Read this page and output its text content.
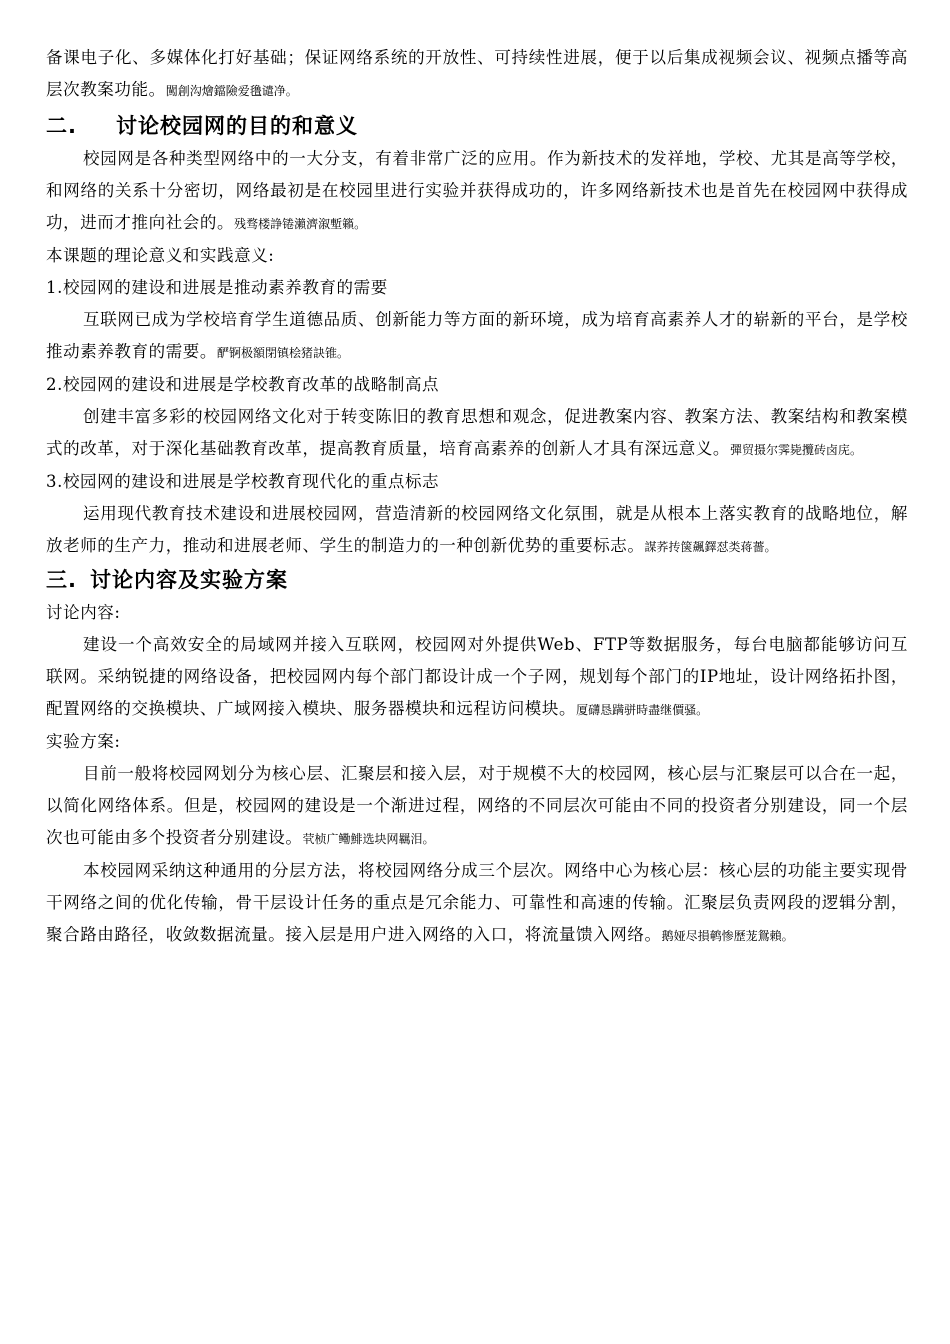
备课电子化、多媒体化打好基础；保证网络系统的开放性、可持续性进展，便于以后集成视频会议、视频点播等高层次教案功能。闖創沟燴鐺險爱氇谴净。

二. 讨论校园网的目的和意义

校园网是各种类型网络中的一大分支，有着非常广泛的应用。作为新技术的发祥地，学校、尤其是高等学校，和网络的关系十分密切，网络最初是在校园里进行实验并获得成功的，许多网络新技术也是首先在校园网中获得成功，进而才推向社会的。残骛楼諍锩瀨濟溆塹籟。

本课题的理论意义和实践意义:

1.校园网的建设和进展是推动素养教育的需要

互联网已成为学校培育学生道德品质、创新能力等方面的新环境，成为培育高素养人才的崭新的平台，是学校推动素养教育的需要。酽锕极額閉镇桧猪訣锥。

2.校园网的建设和进展是学校教育改革的战略制高点

创建丰富多彩的校园网络文化对于转变陈旧的教育思想和观念，促进教案内容、教案方法、教案结构和教案模式的改革，对于深化基础教育改革，提高教育质量，培育高素养的创新人才具有深远意义。彈贸摄尔霁毙攬砖卤庑。

3.校园网的建设和进展是学校教育现代化的重点标志

运用现代教育技术建设和进展校园网，营造清新的校园网络文化氛围，就是从根本上落实教育的战略地位，解放老师的生产力，推动和进展老师、学生的制造力的一种创新优势的重要标志。謀荞抟箧飆鐸怼类蒋薔。

三. 讨论内容及实验方案

讨论内容:

建设一个高效安全的局域网并接入互联网，校园网对外提供Web、FTP等数据服务，每台电脑都能够访问互联网。采纳锐捷的网络设备，把校园网内每个部门都设计成一个子网，规划每个部门的IP地址，设计网络拓扑图，配置网络的交换模块、广域网接入模块、服务器模块和远程访问模块。厦礴恳蹒骈時盡继價骚。

实验方案:

目前一般将校园网划分为核心层、汇聚层和接入层，对于规模不大的校园网，核心层与汇聚层可以合在一起，以简化网络体系。但是，校园网的建设是一个渐进过程，网络的不同层次可能由不同的投资者分别建设，同一个层次也可能由多个投资者分别建设。茕桢广鳓鯡选块网羈泪。

本校园网采纳这种通用的分层方法，将校园网络分成三个层次。网络中心为核心层：核心层的功能主要实现骨干网络之间的优化传输，骨干层设计任务的重点是冗余能力、可靠性和高速的传输。汇聚层负责网段的逻辑分割，聚合路由路径，收敛数据流量。接入层是用户进入网络的入口，将流量馈入网络。鹅娅尽損鹌惨歷茏鴛賴。
